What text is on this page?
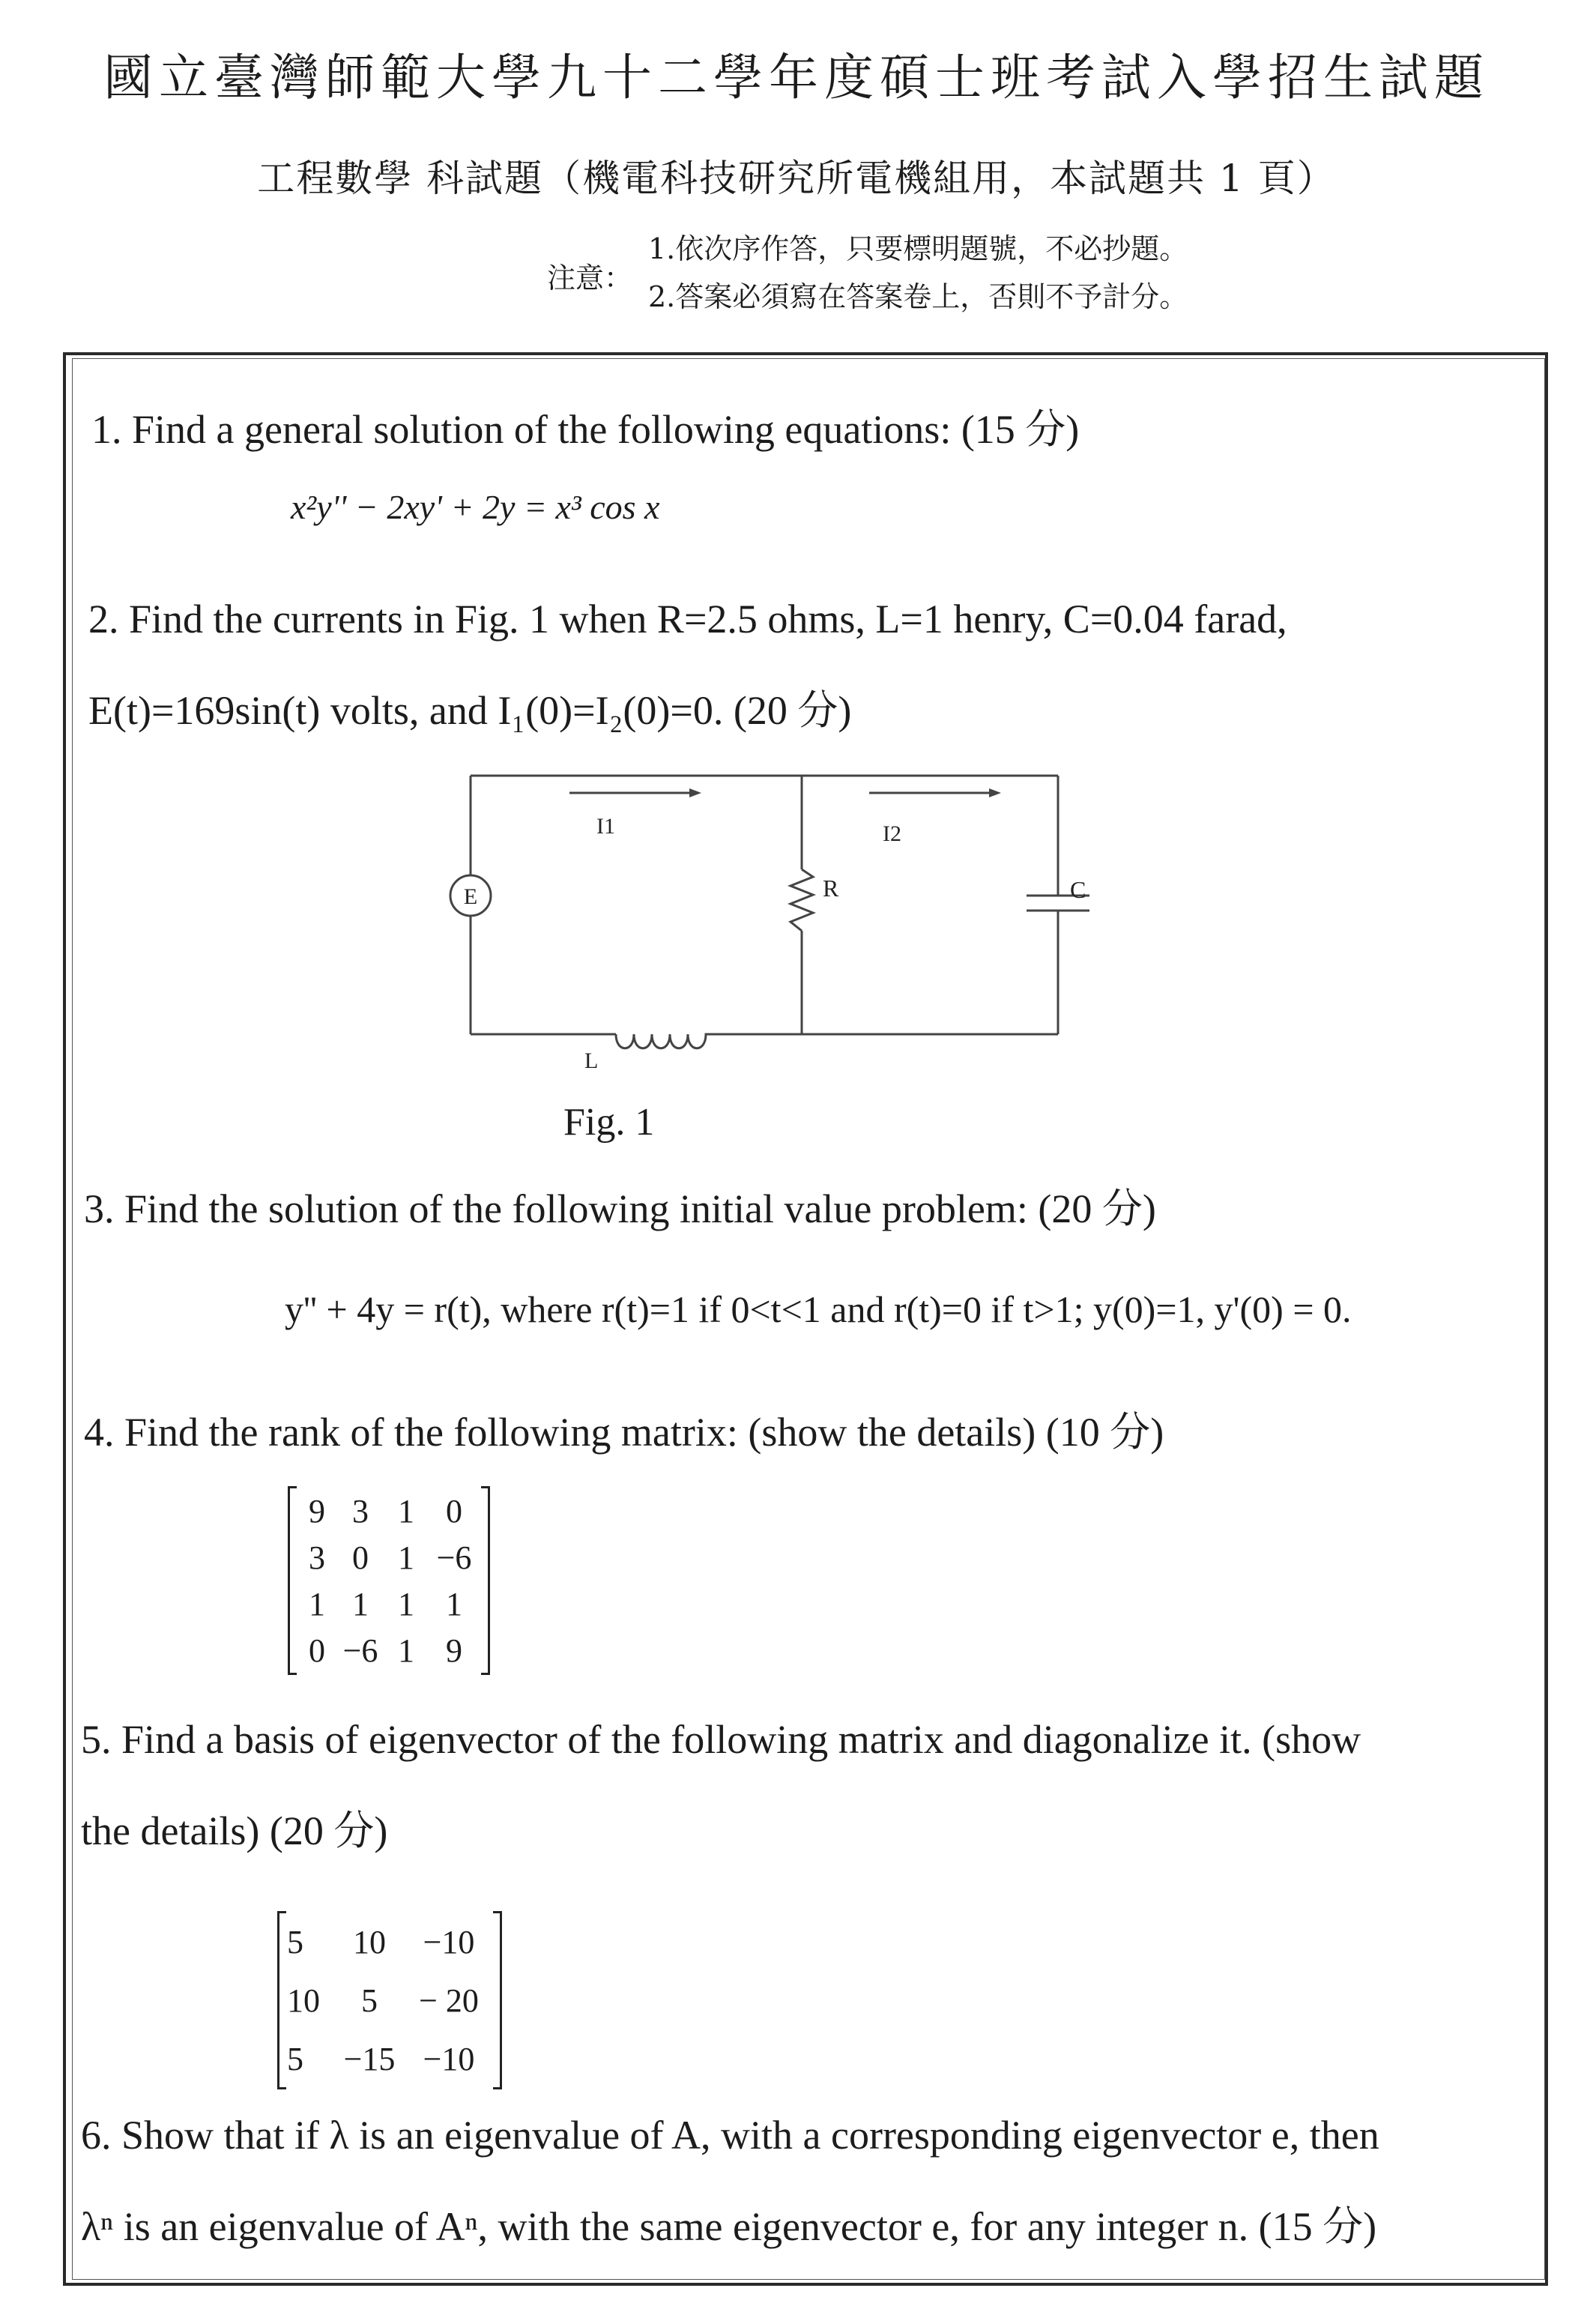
國立臺灣師範大學九十二學年度碩士班考試入學招生試題
工程數學 科試題（機電科技研究所電機組用，本試題共 1 頁）
注意：
1.依次序作答，只要標明題號，不必抄題。
2.答案必須寫在答案卷上，否則不予計分。
1. Find a general solution of the following equations: (15 分)
x²y'' − 2xy' + 2y = x³ cos x
2. Find the currents in Fig. 1 when R=2.5 ohms, L=1 henry, C=0.04 farad,
E(t)=169sin(t) volts, and I₁(0)=I₂(0)=0. (20 分)
E
I1	I2
R	C
L
Fig. 1
3. Find the solution of the following initial value problem: (20 分)
y'' + 4y = r(t), where r(t)=1 if 0<t<1 and r(t)=0 if t>1; y(0)=1, y'(0) = 0.
4. Find the rank of the following matrix: (show the details) (10 分)
9 3 1 0
3 0 1 −6
1 1 1 1
0 −6 1 9
5. Find a basis of eigenvector of the following matrix and diagonalize it. (show
the details) (20 分)
5	10	−10
10	5	− 20
5	−15 −10
6. Show that if λ is an eigenvalue of A, with a corresponding eigenvector e, then
λⁿ is an eigenvalue of Aⁿ, with the same eigenvector e, for any integer n. (15 分)
